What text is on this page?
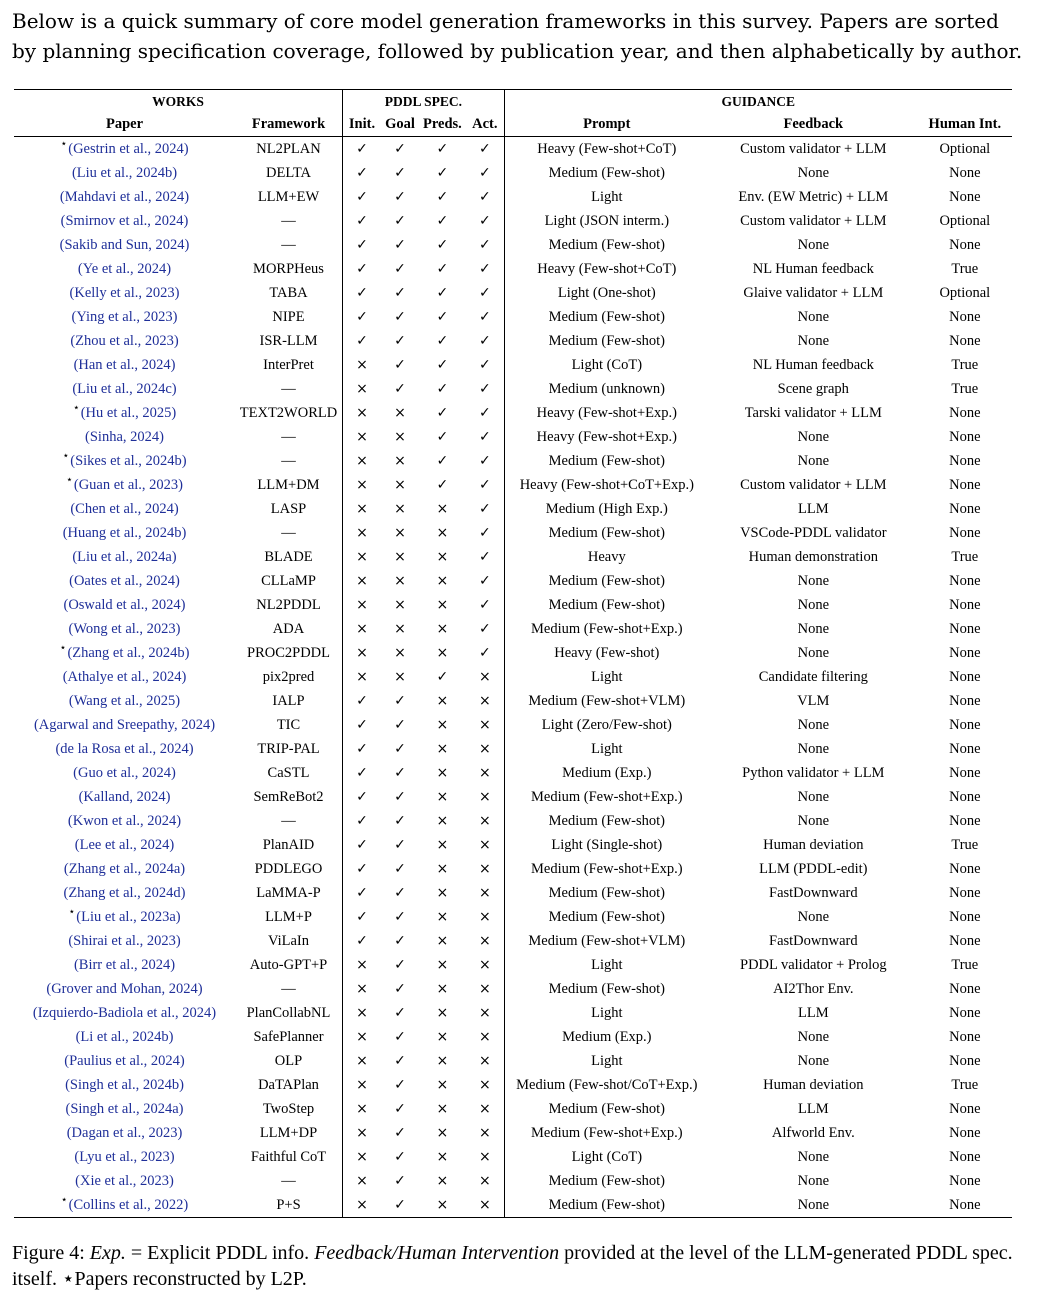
Below is a quick summary of core model generation frameworks in this survey. Papers are sorted by planning specification coverage, followed by publication year, and then alphabetically by author.

WORKS		PDDL SPEC.				GUIDANCE		
Paper	Framework	Init.	Goal	Preds.	Act.	Prompt	Feedback	Human Int.
⋆(Gestrin et al., 2024)	NL2PLAN	✓	✓	✓	✓	Heavy (Few-shot+CoT)	Custom validator + LLM	Optional
(Liu et al., 2024b)	DELTA	✓	✓	✓	✓	Medium (Few-shot)	None	None
(Mahdavi et al., 2024)	LLM+EW	✓	✓	✓	✓	Light	Env. (EW Metric) + LLM	None
(Smirnov et al., 2024)	—	✓	✓	✓	✓	Light (JSON interm.)	Custom validator + LLM	Optional
(Sakib and Sun, 2024)	—	✓	✓	✓	✓	Medium (Few-shot)	None	None
(Ye et al., 2024)	MORPHeus	✓	✓	✓	✓	Heavy (Few-shot+CoT)	NL Human feedback	True
(Kelly et al., 2023)	TABA	✓	✓	✓	✓	Light (One-shot)	Glaive validator + LLM	Optional
(Ying et al., 2023)	NIPE	✓	✓	✓	✓	Medium (Few-shot)	None	None
(Zhou et al., 2023)	ISR-LLM	✓	✓	✓	✓	Medium (Few-shot)	None	None
(Han et al., 2024)	InterPret	×	✓	✓	✓	Light (CoT)	NL Human feedback	True
(Liu et al., 2024c)	—	×	✓	✓	✓	Medium (unknown)	Scene graph	True
⋆(Hu et al., 2025)	TEXT2WORLD	×	×	✓	✓	Heavy (Few-shot+Exp.)	Tarski validator + LLM	None
(Sinha, 2024)	—	×	×	✓	✓	Heavy (Few-shot+Exp.)	None	None
⋆(Sikes et al., 2024b)	—	×	×	✓	✓	Medium (Few-shot)	None	None
⋆(Guan et al., 2023)	LLM+DM	×	×	✓	✓	Heavy (Few-shot+CoT+Exp.)	Custom validator + LLM	None
(Chen et al., 2024)	LASP	×	×	×	✓	Medium (High Exp.)	LLM	None
(Huang et al., 2024b)	—	×	×	×	✓	Medium (Few-shot)	VSCode-PDDL validator	None
(Liu et al., 2024a)	BLADE	×	×	×	✓	Heavy	Human demonstration	True
(Oates et al., 2024)	CLLaMP	×	×	×	✓	Medium (Few-shot)	None	None
(Oswald et al., 2024)	NL2PDDL	×	×	×	✓	Medium (Few-shot)	None	None
(Wong et al., 2023)	ADA	×	×	×	✓	Medium (Few-shot+Exp.)	None	None
⋆(Zhang et al., 2024b)	PROC2PDDL	×	×	×	✓	Heavy (Few-shot)	None	None
(Athalye et al., 2024)	pix2pred	×	×	✓	×	Light	Candidate filtering	None
(Wang et al., 2025)	IALP	✓	✓	×	×	Medium (Few-shot+VLM)	VLM	None
(Agarwal and Sreepathy, 2024)	TIC	✓	✓	×	×	Light (Zero/Few-shot)	None	None
(de la Rosa et al., 2024)	TRIP-PAL	✓	✓	×	×	Light	None	None
(Guo et al., 2024)	CaSTL	✓	✓	×	×	Medium (Exp.)	Python validator + LLM	None
(Kalland, 2024)	SemReBot2	✓	✓	×	×	Medium (Few-shot+Exp.)	None	None
(Kwon et al., 2024)	—	✓	✓	×	×	Medium (Few-shot)	None	None
(Lee et al., 2024)	PlanAID	✓	✓	×	×	Light (Single-shot)	Human deviation	True
(Zhang et al., 2024a)	PDDLEGO	✓	✓	×	×	Medium (Few-shot+Exp.)	LLM (PDDL-edit)	None
(Zhang et al., 2024d)	LaMMA-P	✓	✓	×	×	Medium (Few-shot)	FastDownward	None
⋆(Liu et al., 2023a)	LLM+P	✓	✓	×	×	Medium (Few-shot)	None	None
(Shirai et al., 2023)	ViLaIn	✓	✓	×	×	Medium (Few-shot+VLM)	FastDownward	None
(Birr et al., 2024)	Auto-GPT+P	×	✓	×	×	Light	PDDL validator + Prolog	True
(Grover and Mohan, 2024)	—	×	✓	×	×	Medium (Few-shot)	AI2Thor Env.	None
(Izquierdo-Badiola et al., 2024)	PlanCollabNL	×	✓	×	×	Light	LLM	None
(Li et al., 2024b)	SafePlanner	×	✓	×	×	Medium (Exp.)	None	None
(Paulius et al., 2024)	OLP	×	✓	×	×	Light	None	None
(Singh et al., 2024b)	DaTAPlan	×	✓	×	×	Medium (Few-shot/CoT+Exp.)	Human deviation	True
(Singh et al., 2024a)	TwoStep	×	✓	×	×	Medium (Few-shot)	LLM	None
(Dagan et al., 2023)	LLM+DP	×	✓	×	×	Medium (Few-shot+Exp.)	Alfworld Env.	None
(Lyu et al., 2023)	Faithful CoT	×	✓	×	×	Light (CoT)	None	None
(Xie et al., 2023)	—	×	✓	×	×	Medium (Few-shot)	None	None
⋆(Collins et al., 2022)	P+S	×	✓	×	×	Medium (Few-shot)	None	None

Figure 4: Exp. = Explicit PDDL info. Feedback/Human Intervention provided at the level of the LLM-generated PDDL spec. itself. ⋆Papers reconstructed by L2P.
